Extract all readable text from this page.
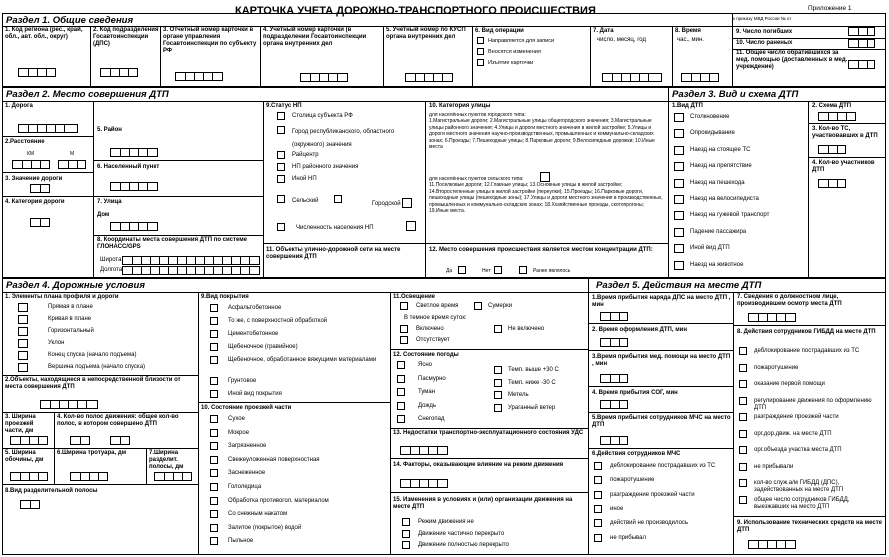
КАРТОЧКА УЧЕТА ДОРОЖНО-ТРАНСПОРТНОГО ПРОИСШЕСТВИЯ	Приложение 1
к приказу МВД России № от
Раздел 1. Общие сведения
1. Код региона (рес., край, обл., авт. обл., округ)
2. Код подразделения Госавтоинспекции (ДПС)
3. Отчетный номер карточки в органе управления Госавтоинспекции по субъекту РФ
4. Учетный номер карточки (в подразделении Госавтоинспекции органа внутренних дел
5. Учетный номер по КУСП органа внутренних дел
6. Вид операции
Направляется для записи
Вносятся изменения
Изъятие карточки
7. Дата
число, месяц, год
8. Время
час., мин.
9. Число погибших
10. Число раненых
11. Общее число обратившихся за мед. помощью (доставленных в мед. учреждение)
Раздел 2. Место совершения ДТП
1. Дорога
2.Расстояние
КМ	М
3. Значение дороги
4. Категория дороги
5. Район
6. Населенный пункт
7. Улица
Дом
8. Координаты места совершения ДТП по системе ГЛОНАСС/GPS
Широта
Долгота
9.Статус НП
Столица субъекта РФ
Город республиканского, областного (окружного) значения
Райцентр
НП районного значения
Иной НП
Сельский	Городской
Численность населения НП
10. Категория улицы
для населённых пунктов городского типа:
1.Магистральные дороги; 2.Магистральные улицы общегородского значения; 3.Магистральные улицы районного значения; 4.Улицы и дороги местного значения в жилой застройке; 5.Улицы и дороги местного значения научно-производственных, промышленных и коммунально-складских зонах; 6.Проезды; 7.Пешеходные улицы; 8.Парковые дороги; 9.Велосипедные дорожки; 10.Иные места
для населённых пунктов сельского типа:
11.Поселковые дороги; 12.Главные улицы; 13.Основные улицы в жилой застройке; 14.Второстепенные улицы в жилой застройке (переулки); 15.Проезды; 16.Парковые дороги, пешеходные улицы (пешеходные зоны); 17.Улицы и дороги местного значения в производственных, промышленных и коммунально-складских зонах; 18.Хозяйственные проезды, скотопрогоны; 19.Иные места.
11. Объекты улично-дорожной сети на месте совершения ДТП
12. Место совершения происшествия является местом концентрации ДТП:
Да	Нет	Ранее являлось
Раздел 3. Вид и схема ДТП
1.Вид ДТП	2. Схема ДТП
3. Кол-во ТС, участвовавших в ДТП
4. Кол-во участников ДТП
Столкновение
Опрокидывание
Наезд на стоящее ТС
Наезд на препятствие
Наезд на пешехода
Наезд на велосипедиста
Наезд на гужевой транспорт
Падение пассажира
Иной вид ДТП
Наезд на животное
Раздел 4. Дорожные условия
1. Элементы плана профиля и дороги
Прямая в плане
Кривая в плане
Горизонтальный
Уклон
Конец спуска (начало подъема)
Вершина подъема (начало спуска)
2.Объекты, находящиеся в непосредственной близости от места совершения ДТП
3. Ширина проезжей части, дм
4. Кол-во полос движения: общее кол-во полос, в котором совершено ДТП
5. Ширина обочины, дм
6.Ширина тротуара, дм	7.Ширина разделит. полосы, дм
8.Вид разделительной полосы
9.Вид покрытия
Асфальтобетонное
То же, с поверхностной обработкой
Цементобетонное
Щебеночное (гравийное)
Щебеночное, обработанное вяжущими материалами
Грунтовое
Иной вид покрытия
10. Состояние проезжей части
Сухое
Мокрое
Загрязненное
Свежеуложенная поверхностная
Заснеженное
Гололедица
Обработка противогол. материалом
Со снежным накатом
Залитое (покрытое) водой
Пыльное
11.Освещение
Светлое время	Сумерки
В темное время суток:
Включено	Не включено
Отсутствует
12. Состояние погоды
Ясно
Пасмурно
Туман
Дождь
Снегопад
Темп. выше +30 С
Темп. ниже -30 С
Метель
Ураганный ветер
13. Недостатки транспортно-эксплуатационного состояния УДС
14. Факторы, оказывающие влияние на режим движения
15. Изменения в условиях и (или) организации движения на месте ДТП
Режим движения не
Движение частично перекрыто
Движение полностью перекрыто
Раздел 5. Действия на месте ДТП
1.Время прибытия наряда ДПС на место ДТП , мин
2. Время оформления ДТП, мин
3.Время прибытия мед. помощи на место ДТП , мин
4. Время прибытия СОГ, мин
5.Время прибытия сотрудников МЧС на место ДТП
6.Действия сотрудников МЧС
деблокирование пострадавших из ТС
пожаротушение
разграждение проезжей части
иное
действий не производилось
не прибывал
7. Сведения о должностном лице, производившем осмотр места ДТП
8. Действия сотрудников ГИБДД на месте ДТП
деблокирование пострадавших из ТС
пожаротушение
оказание первой помощи
регулирование движения по оформлению ДТП
разграждение проезжей части
орг.дор.движ. на месте ДТП
орг.объезда участка места ДТП
не прибывали
кол-во служ.а/м ГИБДД (ДПС), задействованных на месте ДТП
общее число сотрудников ГИБДД, выезжавших на место ДТП
9. Использование технических средств на месте ДТП
